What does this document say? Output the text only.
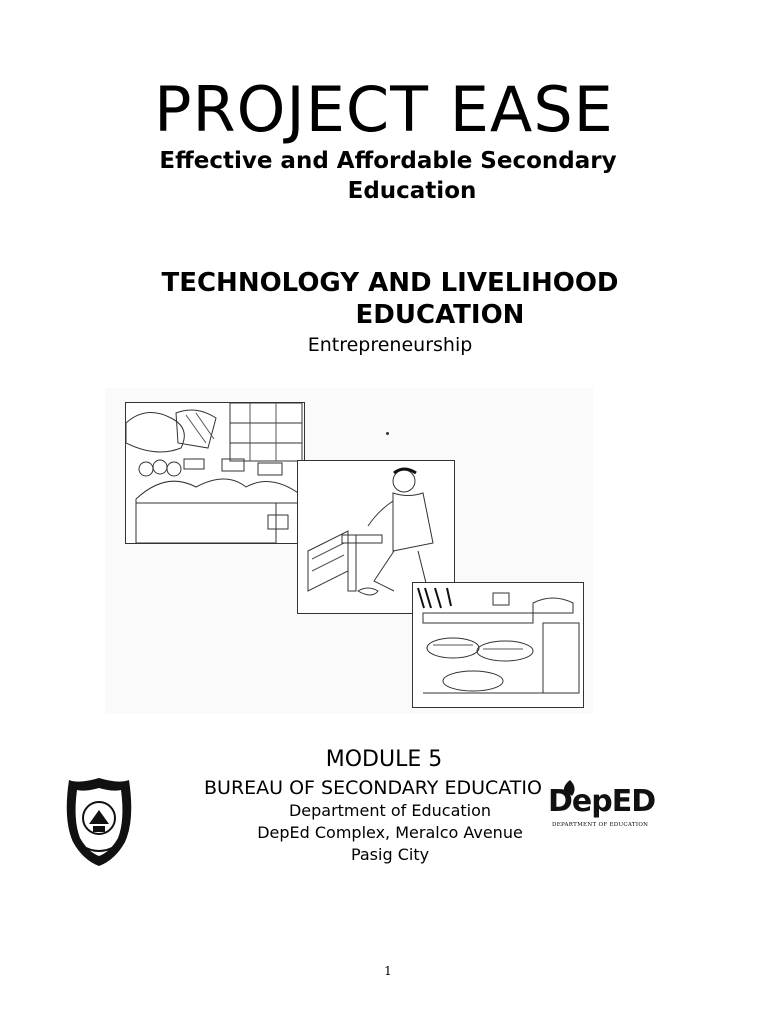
PROJECT EASE
Effective and Affordable Secondary
Education
TECHNOLOGY AND LIVELIHOOD
EDUCATION
Entrepreneurship
MODULE 5
BUREAU OF SECONDARY EDUCATIO
Department of Education
DepEd Complex, Meralco Avenue
Pasig City
DepED
DEPARTMENT OF EDUCATION
1
